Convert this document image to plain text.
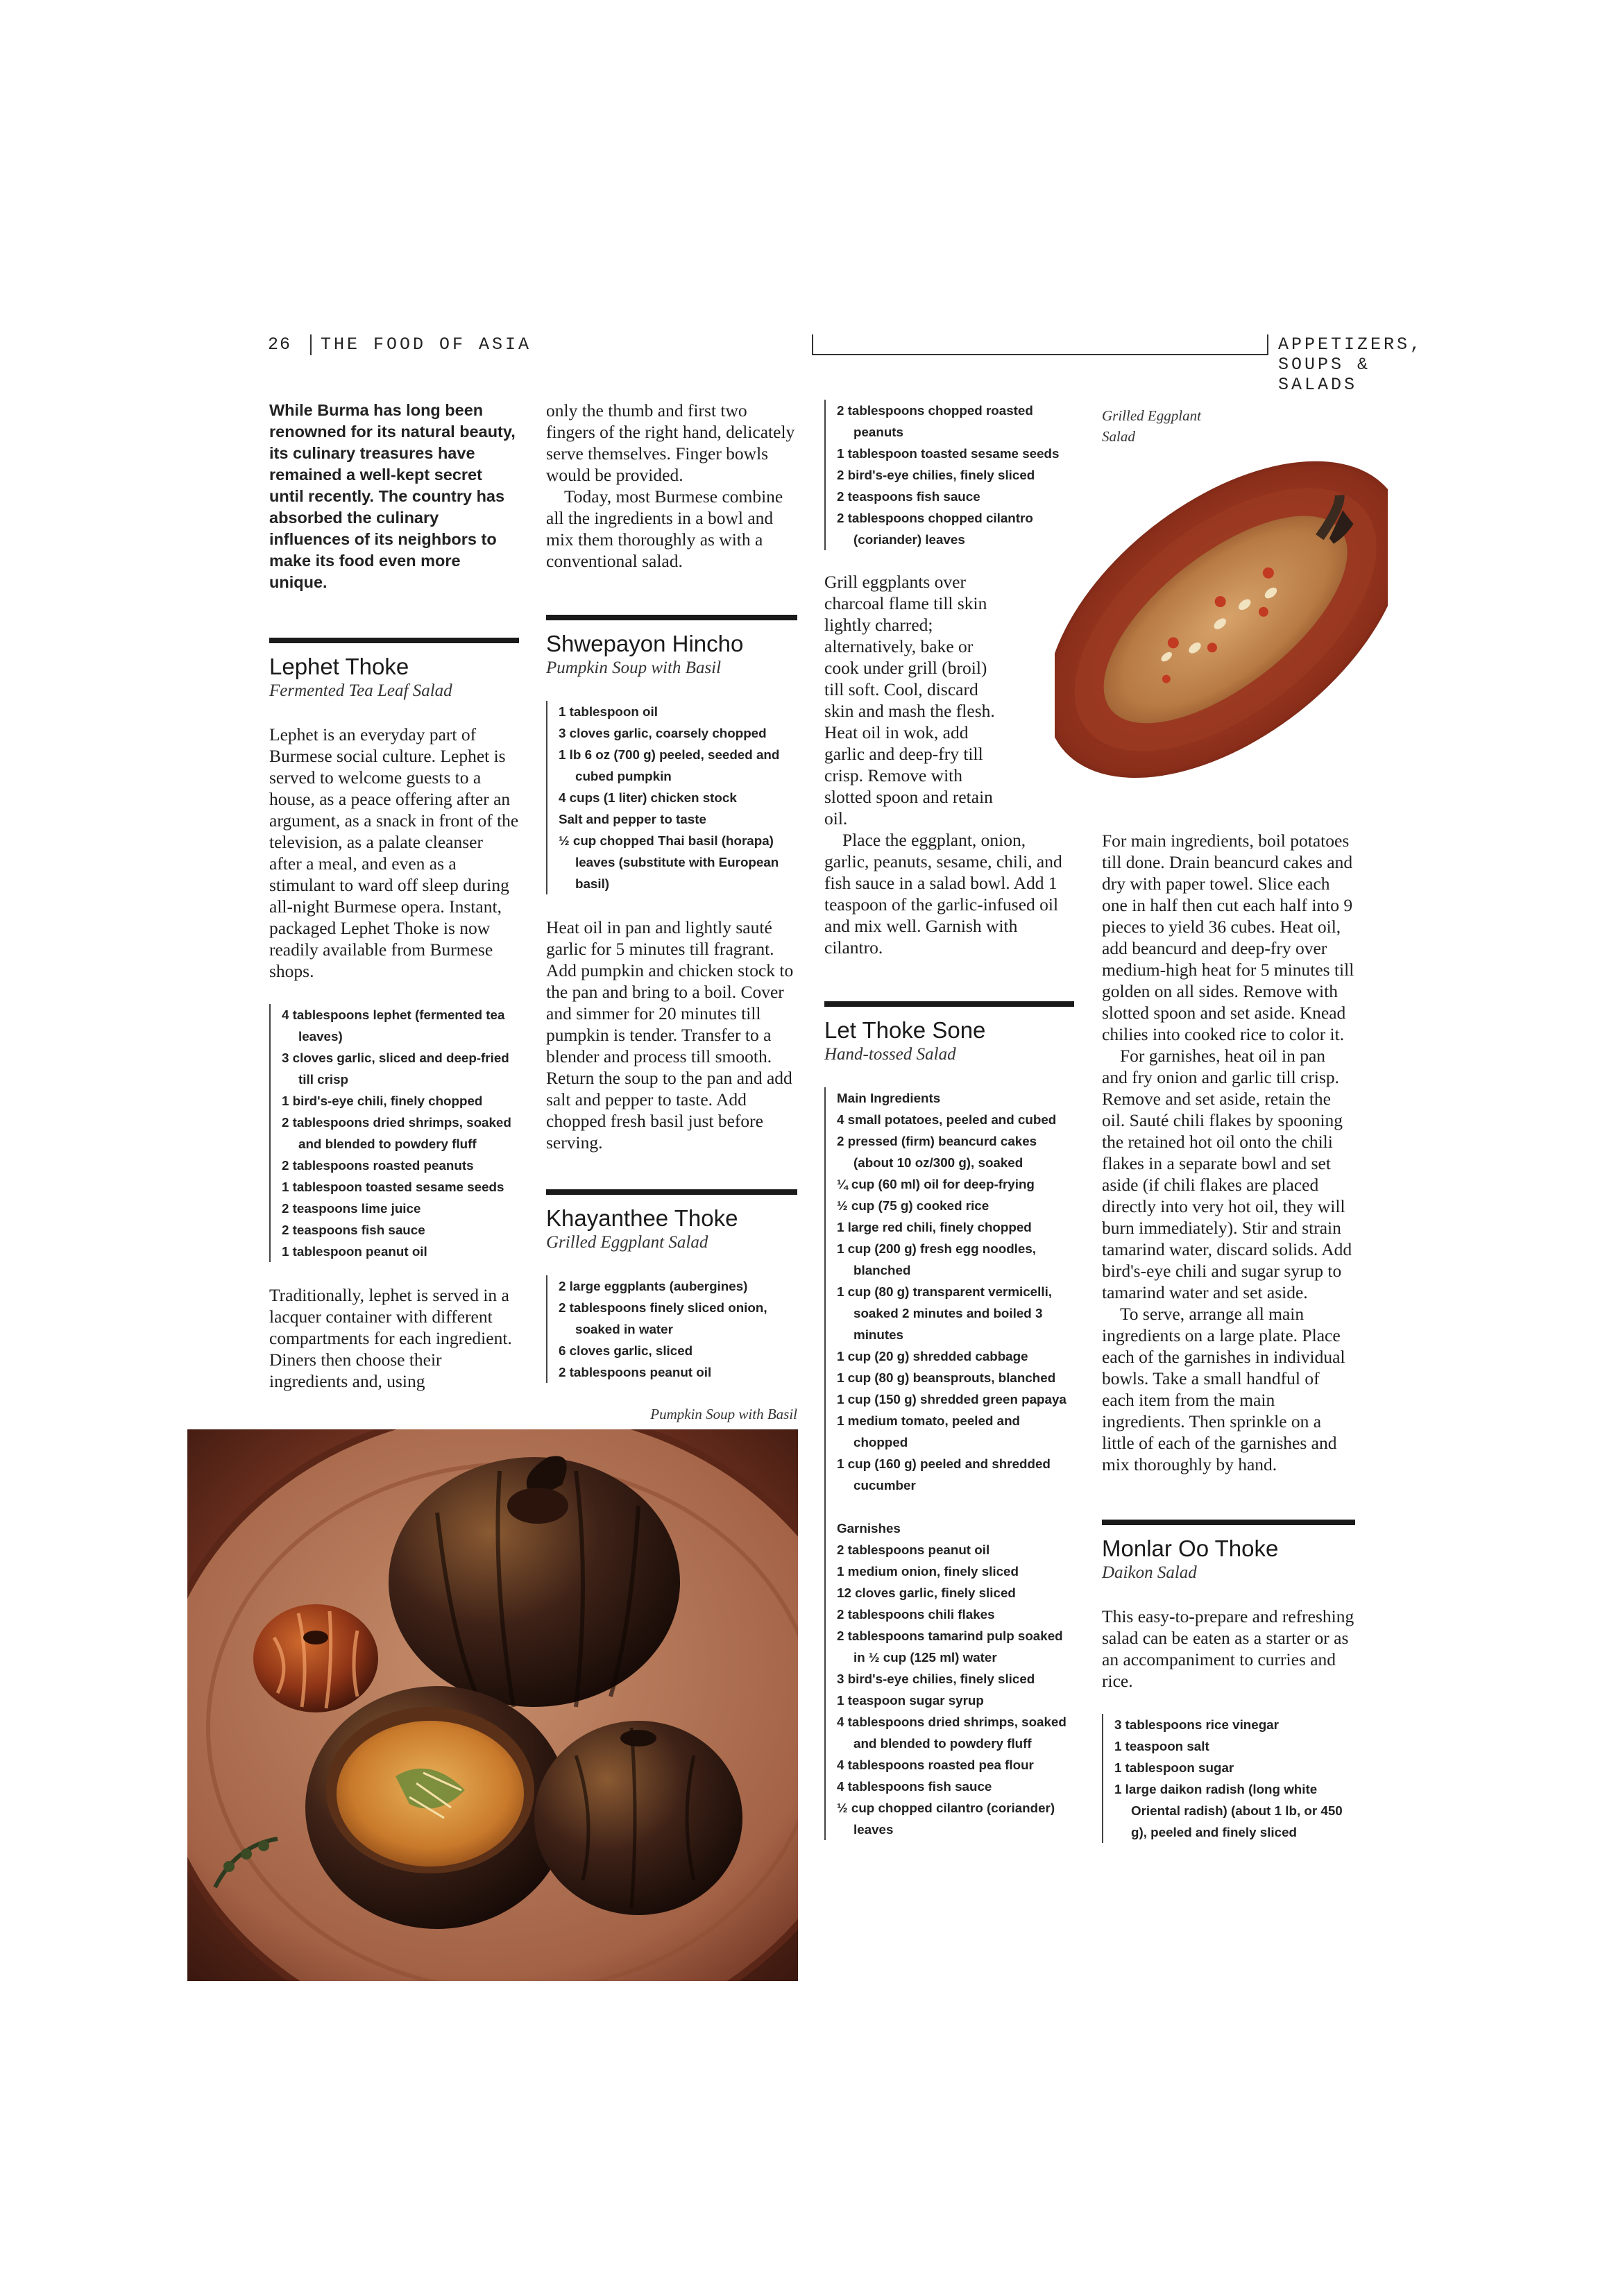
26 THE FOOD OF ASIA	APPETIZERS, SOUPS & SALADS

While Burma has long been renowned for its natural beauty, its culinary treasures have remained a well-kept secret until recently. The country has absorbed the culinary influences of its neighbors to make its food even more unique.

Lephet Thoke
Fermented Tea Leaf Salad

Lephet is an everyday part of Burmese social culture. Lephet is served to welcome guests to a house, as a peace offering after an argument, as a snack in front of the television, as a palate cleanser after a meal, and even as a stimulant to ward off sleep during all-night Burmese opera. Instant, packaged Lephet Thoke is now readily available from Burmese shops.

4 tablespoons lephet (fermented tea leaves)
3 cloves garlic, sliced and deep-fried till crisp
1 bird's-eye chili, finely chopped
2 tablespoons dried shrimps, soaked and blended to powdery fluff
2 tablespoons roasted peanuts
1 tablespoon toasted sesame seeds
2 teaspoons lime juice
2 teaspoons fish sauce
1 tablespoon peanut oil

Traditionally, lephet is served in a lacquer container with different compartments for each ingredient. Diners then choose their ingredients and, using

only the thumb and first two fingers of the right hand, delicately serve themselves. Finger bowls would be provided.

Today, most Burmese combine all the ingredients in a bowl and mix them thoroughly as with a conventional salad.

Shwepayon Hincho
Pumpkin Soup with Basil
1 tablespoon oil
3 cloves garlic, coarsely chopped
1 lb 6 oz (700 g) peeled, seeded and cubed pumpkin
4 cups (1 liter) chicken stock
Salt and pepper to taste
½ cup chopped Thai basil (horapa) leaves (substitute with European basil)

Heat oil in pan and lightly sauté garlic for 5 minutes till fragrant. Add pumpkin and chicken stock to the pan and bring to a boil. Cover and simmer for 20 minutes till pumpkin is tender. Transfer to a blender and process till smooth. Return the soup to the pan and add salt and pepper to taste. Add chopped fresh basil just before serving.

Khayanthee Thoke
Grilled Eggplant Salad
2 large eggplants (aubergines)
2 tablespoons finely sliced onion, soaked in water
6 cloves garlic, sliced
2 tablespoons peanut oil
Pumpkin Soup with Basil
2 tablespoons chopped roasted peanuts
1 tablespoon toasted sesame seeds
2 bird's-eye chilies, finely sliced
2 teaspoons fish sauce
2 tablespoons chopped cilantro (coriander) leaves

Grill eggplants over charcoal flame till skin lightly charred; alternatively, bake or cook under grill (broil) till soft. Cool, discard skin and mash the flesh. Heat oil in wok, add garlic and deep-fry till crisp. Remove with slotted spoon and retain oil.

Place the eggplant, onion, garlic, peanuts, sesame, chili, and fish sauce in a salad bowl. Add 1 teaspoon of the garlic-infused oil and mix well. Garnish with cilantro.

Let Thoke Sone
Hand-tossed Salad
Main Ingredients
4 small potatoes, peeled and cubed
2 pressed (firm) beancurd cakes (about 10 oz/300 g), soaked
¼ cup (60 ml) oil for deep-frying
½ cup (75 g) cooked rice
1 large red chili, finely chopped
1 cup (200 g) fresh egg noodles, blanched
1 cup (80 g) transparent vermicelli, soaked 2 minutes and boiled 3 minutes
1 cup (20 g) shredded cabbage
1 cup (80 g) beansprouts, blanched
1 cup (150 g) shredded green papaya
1 medium tomato, peeled and chopped
1 cup (160 g) peeled and shredded cucumber
Garnishes
2 tablespoons peanut oil
1 medium onion, finely sliced
12 cloves garlic, finely sliced
2 tablespoons chili flakes
2 tablespoons tamarind pulp soaked in ½ cup (125 ml) water
3 bird's-eye chilies, finely sliced
1 teaspoon sugar syrup
4 tablespoons dried shrimps, soaked and blended to powdery fluff
4 tablespoons roasted pea flour
4 tablespoons fish sauce
½ cup chopped cilantro (coriander) leaves
Grilled Eggplant
Salad

For main ingredients, boil potatoes till done. Drain beancurd cakes and dry with paper towel. Slice each one in half then cut each half into 9 pieces to yield 36 cubes. Heat oil, add beancurd and deep-fry over medium-high heat for 5 minutes till golden on all sides. Remove with slotted spoon and set aside. Knead chilies into cooked rice to color it.

For garnishes, heat oil in pan and fry onion and garlic till crisp. Remove and set aside, retain the oil. Sauté chili flakes by spooning the retained hot oil onto the chili flakes in a separate bowl and set aside (if chili flakes are placed directly into very hot oil, they will burn immediately). Stir and strain tamarind water, discard solids. Add bird's-eye chili and sugar syrup to tamarind water and set aside.

To serve, arrange all main ingredients on a large plate. Place each of the garnishes in individual bowls. Take a small handful of each item from the main ingredients. Then sprinkle on a little of each of the garnishes and mix thoroughly by hand.

Monlar Oo Thoke
Daikon Salad

This easy-to-prepare and refreshing salad can be eaten as a starter or as an accompaniment to curries and rice.

3 tablespoons rice vinegar
1 teaspoon salt
1 tablespoon sugar
1 large daikon radish (long white Oriental radish) (about 1 lb, or 450 g), peeled and finely sliced
